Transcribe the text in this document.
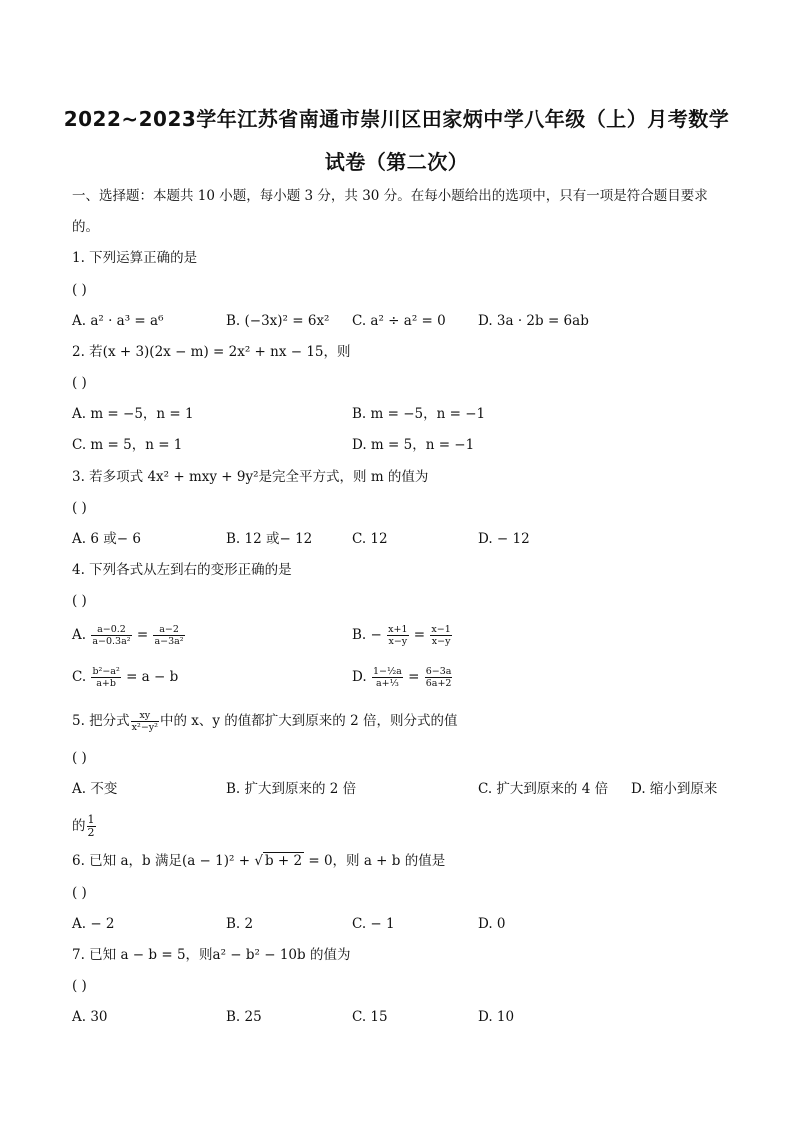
2022~2023学年江苏省南通市崇川区田家炳中学八年级（上）月考数学
试卷（第二次）
一、选择题：本题共 10 小题，每小题 3 分，共 30 分。在每小题给出的选项中，只有一项是符合题目要求
的。
1. 下列运算正确的是
( )
A. a² · a³ = a⁶	B. (−3x)² = 6x² C. a² ÷ a² = 0 D. 3a · 2b = 6ab
2. 若(x + 3)(2x − m) = 2x² + nx − 15，则
( )
A. m = −5，n = 1	B. m = −5，n = −1
C. m = 5，n = 1	D. m = 5，n = −1
3. 若多项式 4x² + mxy + 9y²是完全平方式，则 m 的值为
( )
A. 6 或− 6	B. 12 或− 12	C. 12	D. − 12
4. 下列各式从左到右的变形正确的是
( )
A. $\frac{a-0.2}{\text{a−0.3a²}} = \frac{a-2}{\text{a−3a²}}$	B. − $\frac{x+1}{x-y} = \frac{x-1}{x-y}$
C. $\frac{\text{b²−a²}}{a+b} = a - b$	D. $\frac{\text{1−½a}}{\text{a+⅓}} = \frac{6-3a}{6a+2}$
5. 把分式 $\frac{xy}{\text{x²−y²}}$ 中的 x、y 的值都扩大到原来的 2 倍，则分式的值
( )
A. 不变	B. 扩大到原来的 2 倍	C. 扩大到原来的 4 倍 D. 缩小到原来
的 $\frac{1}{2}$
6. 已知 a，b 满足(a − 1)² + √ b + 2 = 0，则 a + b 的值是
( )
A. − 2	B. 2	C. − 1	D. 0
7. 已知 a − b = 5，则a² − b² − 10b 的值为
( )
A. 30	B. 25	C. 15	D. 10
